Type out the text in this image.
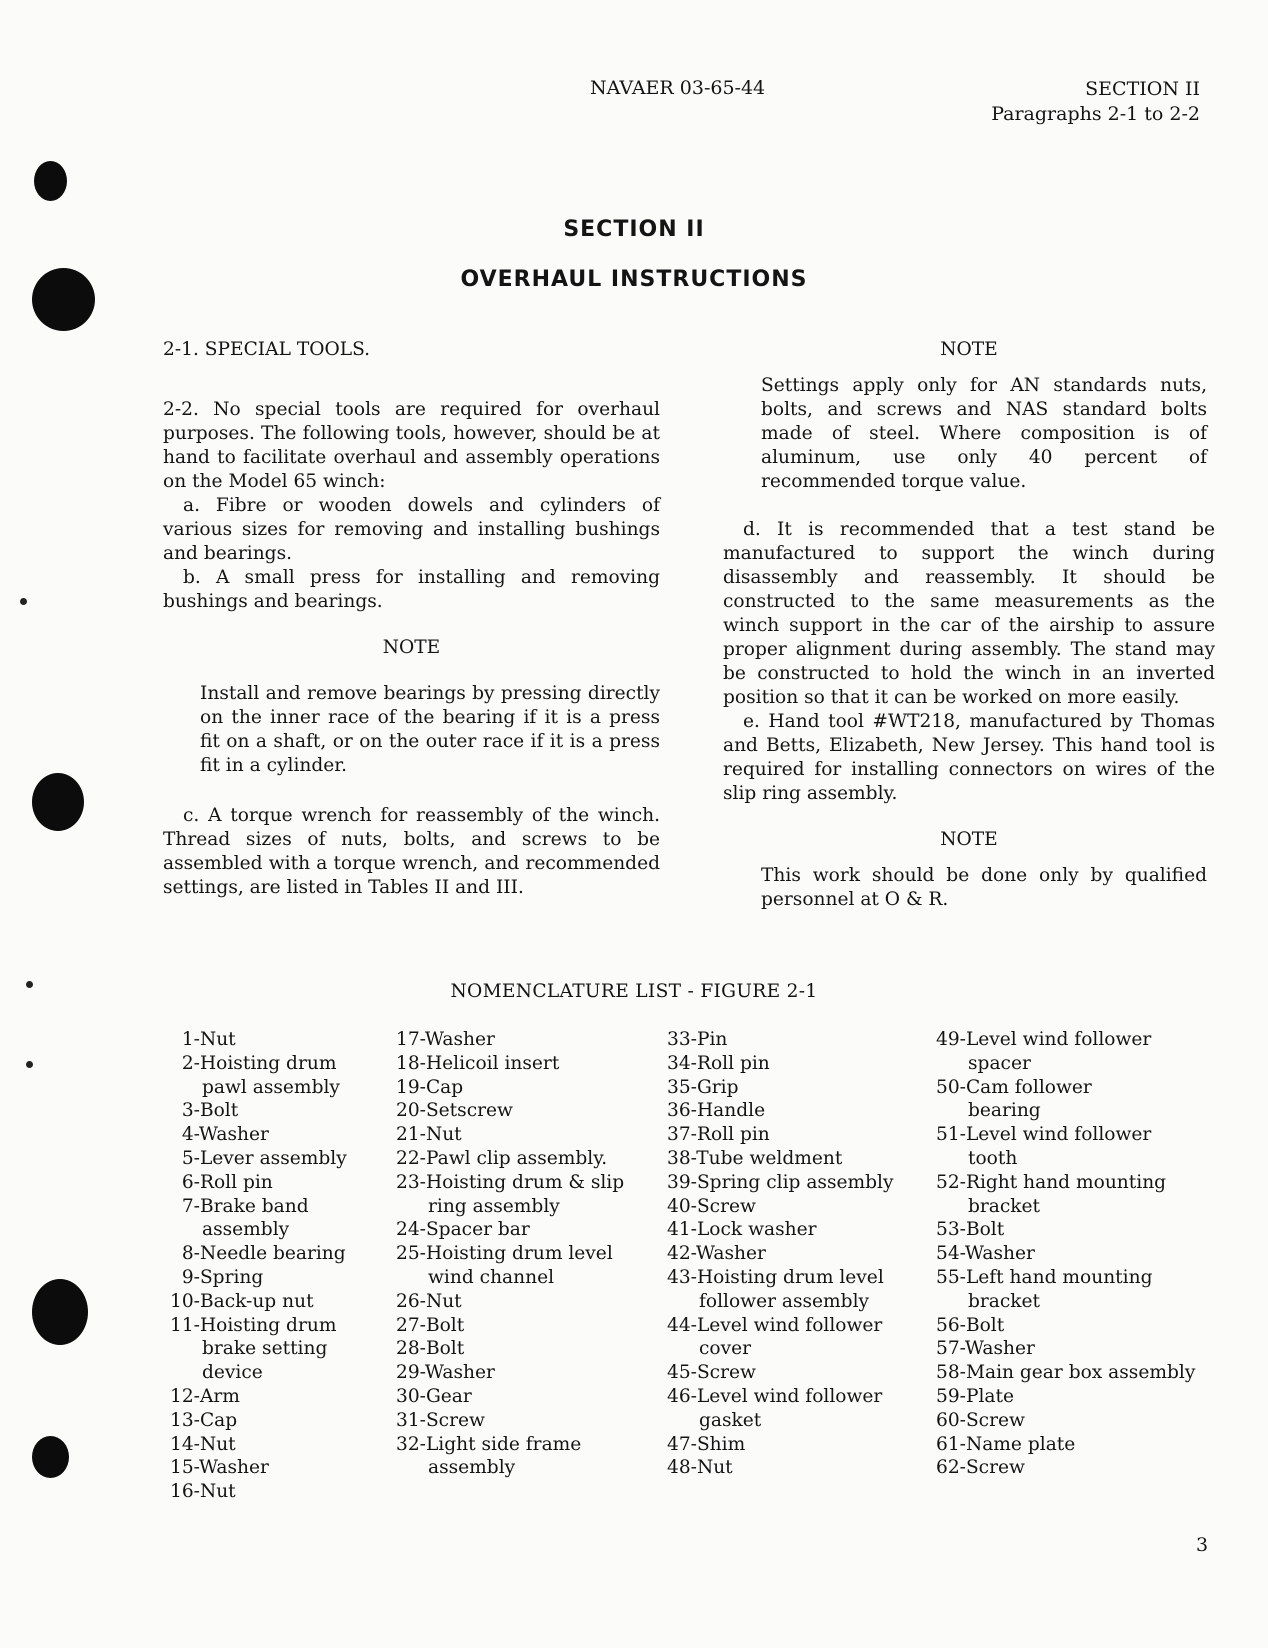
NAVAER 03-65-44	SECTION II
Paragraphs 2-1 to 2-2
SECTION II
OVERHAUL INSTRUCTIONS

2-1. SPECIAL TOOLS.

2-2. No special tools are required for overhaul purposes. The following tools, however, should be at hand to facilitate overhaul and assembly operations on the Model 65 winch:

a. Fibre or wooden dowels and cylinders of various sizes for removing and installing bushings and bearings.

b. A small press for installing and removing bushings and bearings.

NOTE

Install and remove bearings by pressing directly on the inner race of the bearing if it is a press fit on a shaft, or on the outer race if it is a press fit in a cylinder.

c. A torque wrench for reassembly of the winch. Thread sizes of nuts, bolts, and screws to be assembled with a torque wrench, and recommended settings, are listed in Tables II and III.

NOTE

Settings apply only for AN standards nuts, bolts, and screws and NAS standard bolts made of steel. Where composition is of aluminum, use only 40 percent of recommended torque value.

d. It is recommended that a test stand be manufactured to support the winch during disassembly and reassembly. It should be constructed to the same measurements as the winch support in the car of the airship to assure proper alignment during assembly. The stand may be constructed to hold the winch in an inverted position so that it can be worked on more easily.

e. Hand tool #WT218, manufactured by Thomas and Betts, Elizabeth, New Jersey. This hand tool is required for installing connectors on wires of the slip ring assembly.

NOTE

This work should be done only by qualified personnel at O & R.

NOMENCLATURE LIST - FIGURE 2-1
 1-Nut
 2-Hoisting drum
pawl assembly
 3-Bolt
 4-Washer
 5-Lever assembly
 6-Roll pin
 7-Brake band
assembly
 8-Needle bearing
 9-Spring
10-Back-up nut
11-Hoisting drum
brake setting
device
12-Arm
13-Cap
14-Nut
15-Washer
16-Nut
17-Washer
18-Helicoil insert
19-Cap
20-Setscrew
21-Nut
22-Pawl clip assembly.
23-Hoisting drum & slip
ring assembly
24-Spacer bar
25-Hoisting drum level
wind channel
26-Nut
27-Bolt
28-Bolt
29-Washer
30-Gear
31-Screw
32-Light side frame
assembly
33-Pin
34-Roll pin
35-Grip
36-Handle
37-Roll pin
38-Tube weldment
39-Spring clip assembly
40-Screw
41-Lock washer
42-Washer
43-Hoisting drum level
follower assembly
44-Level wind follower
cover
45-Screw
46-Level wind follower
gasket
47-Shim
48-Nut
49-Level wind follower
spacer
50-Cam follower
bearing
51-Level wind follower
tooth
52-Right hand mounting
bracket
53-Bolt
54-Washer
55-Left hand mounting
bracket
56-Bolt
57-Washer
58-Main gear box assembly
59-Plate
60-Screw
61-Name plate
62-Screw
3
